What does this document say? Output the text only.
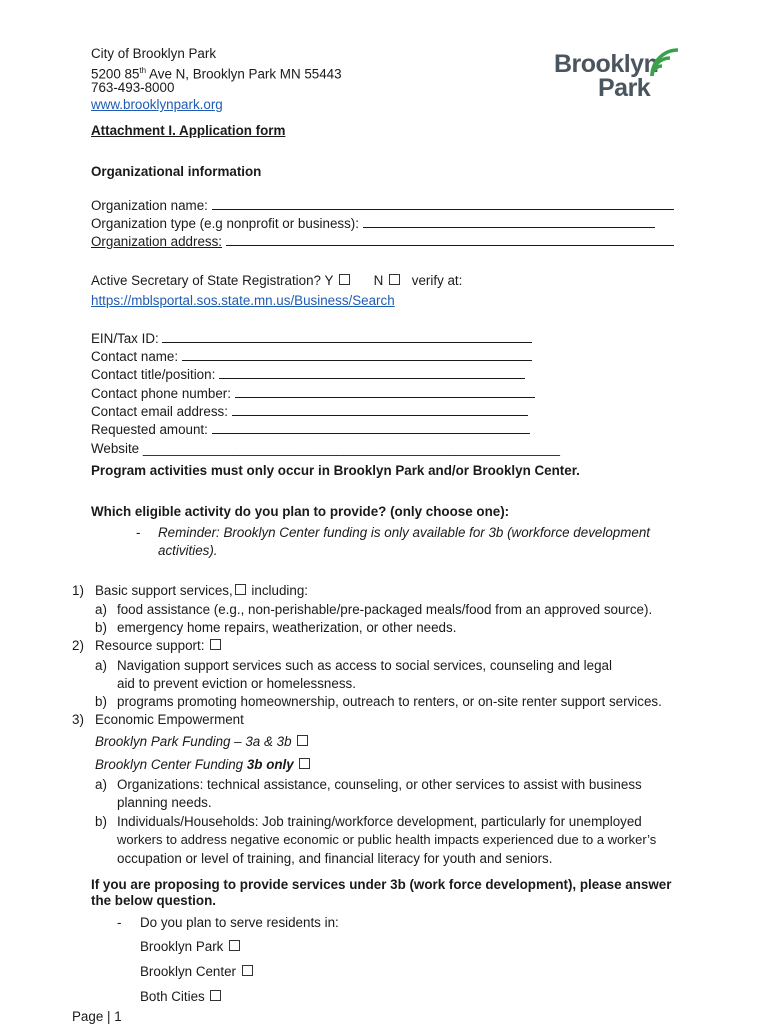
City of Brooklyn Park
5200 85th Ave N, Brooklyn Park MN 55443
763-493-8000
www.brooklynpark.org
Brooklyn
Park
Attachment I. Application form
Organizational information
Organization name:
Organization type (e.g nonprofit or business):
Organization address:
Active Secretary of State Registration? Y	N verify at:
https://mblsportal.sos.state.mn.us/Business/Search
EIN/Tax ID:
Contact name:
Contact title/position:
Contact phone number:
Contact email address:
Requested amount:
Website ________________________________________________________
Program activities must only occur in Brooklyn Park and/or Brooklyn Center.
Which eligible activity do you plan to provide? (only choose one):
- Reminder: Brooklyn Center funding is only available for 3b (workforce development
activities).
1) Basic support services, including:
a) food assistance (e.g., non-perishable/pre-packaged meals/food from an approved source).
b) emergency home repairs, weatherization, or other needs.
2) Resource support:
a) Navigation support services such as access to social services, counseling and legal
aid to prevent eviction or homelessness.
b) programs promoting homeownership, outreach to renters, or on-site renter support services.
3) Economic Empowerment
Brooklyn Park Funding – 3a & 3b
Brooklyn Center Funding 3b only
a) Organizations: technical assistance, counseling, or other services to assist with business
planning needs.
b) Individuals/Households: Job training/workforce development, particularly for unemployed
workers to address negative economic or public health impacts experienced due to a worker’s
occupation or level of training, and financial literacy for youth and seniors.
If you are proposing to provide services under 3b (work force development), please answer
the below question.
- Do you plan to serve residents in:
Brooklyn Park
Brooklyn Center
Both Cities
Page | 1
